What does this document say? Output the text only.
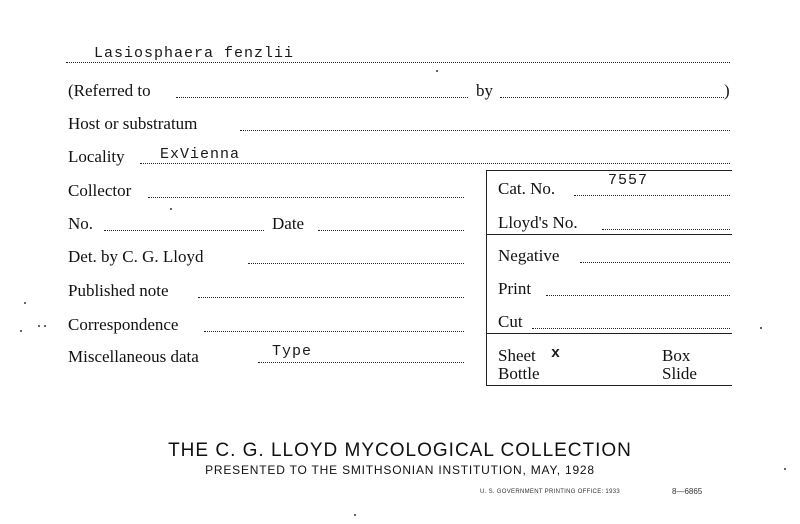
Lasiosphaera fenzlii
(Referred to	by	)
Host or substratum
Locality ExVienna
Collector	Cat. No.	7557
No.	Date	Lloyd's No.
Det. by C. G. Lloyd	Negative
Published note	Print
Correspondence	Cut
Miscellaneous data	Type	Sheet x	Box
Bottle	Slide
THE C. G. LLOYD MYCOLOGICAL COLLECTION
PRESENTED TO THE SMITHSONIAN INSTITUTION, MAY, 1928
U. S. GOVERNMENT PRINTING OFFICE: 1933	8—6865
